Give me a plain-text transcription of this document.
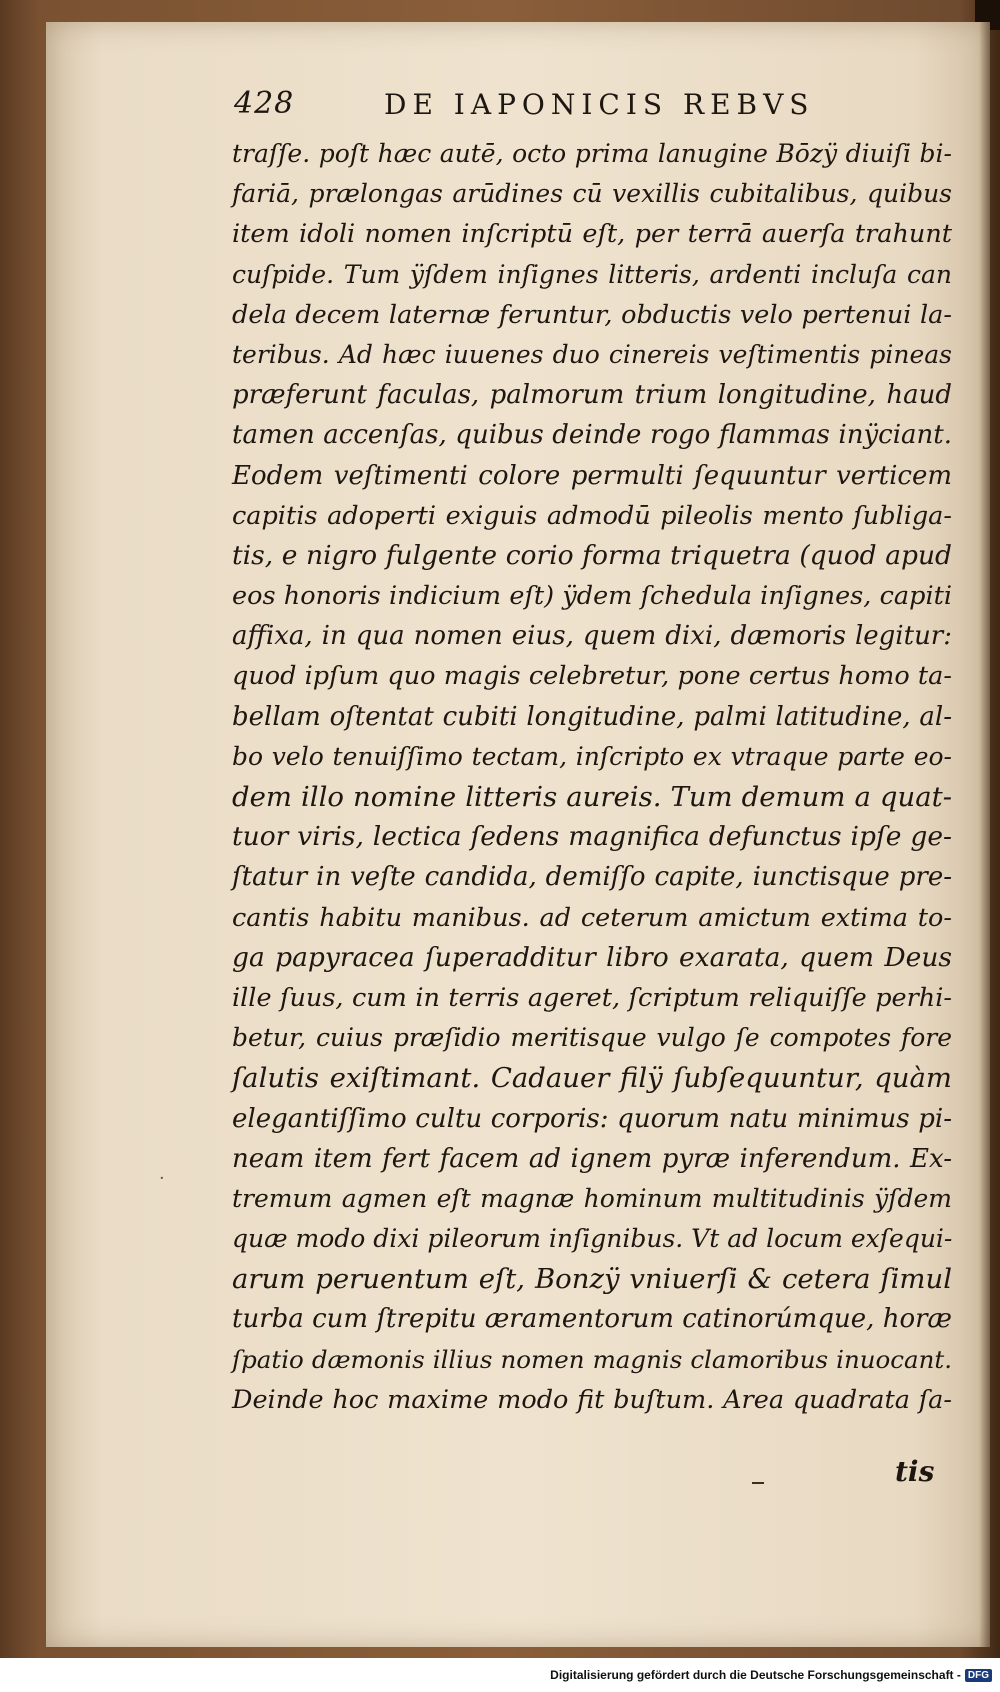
428	DE IAPONICIS REBVS
traſſe. poſt hæc autē, octo prima lanugine Bōzÿ diuiſi bi-
fariā, prælongas arūdines cū vexillis cubitalibus, quibus
item idoli nomen inſcriptū eſt, per terrā auerſa trahunt
cuſpide. Tum ÿſdem inſignes litteris, ardenti incluſa can
dela decem laternæ feruntur, obductis velo pertenui la-
teribus. Ad hæc iuuenes duo cinereis veſtimentis pineas
præferunt faculas, palmorum trium longitudine, haud
tamen accenſas, quibus deinde rogo flammas inÿciant.
Eodem veſtimenti colore permulti ſequuntur verticem
capitis adoperti exiguis admodū pileolis mento ſubliga-
tis, e nigro fulgente corio forma triquetra (quod apud
eos honoris indicium eſt) ÿdem ſchedula inſignes, capiti
affixa, in qua nomen eius, quem dixi, dæmoris legitur:
quod ipſum quo magis celebretur, pone certus homo ta-
bellam oſtentat cubiti longitudine, palmi latitudine, al-
bo velo tenuiſſimo tectam, inſcripto ex vtraque parte eo-
dem illo nomine litteris aureis. Tum demum a quat-
tuor viris, lectica ſedens magnifica defunctus ipſe ge-
ſtatur in veſte candida, demiſſo capite, iunctisque pre-
cantis habitu manibus. ad ceterum amictum extima to-
ga papyracea ſuperadditur libro exarata, quem Deus
ille ſuus, cum in terris ageret, ſcriptum reliquiſſe perhi-
betur, cuius præſidio meritisque vulgo ſe compotes fore
ſalutis exiſtimant. Cadauer filÿ ſubſequuntur, quàm
elegantiſſimo cultu corporis: quorum natu minimus pi-
neam item fert facem ad ignem pyræ inferendum. Ex-
tremum agmen eſt magnæ hominum multitudinis ÿſdem
quæ modo dixi pileorum inſignibus. Vt ad locum exſequi-
arum peruentum eſt, Bonzÿ vniuerſi & cetera ſimul
turba cum ſtrepitu æramentorum catinorúmque, horæ
ſpatio dæmonis illius nomen magnis clamoribus inuocant.
Deinde hoc maxime modo fit buſtum. Area quadrata ſa-
tis
·
Digitalisierung gefördert durch die Deutsche Forschungsgemeinschaft - DFG
